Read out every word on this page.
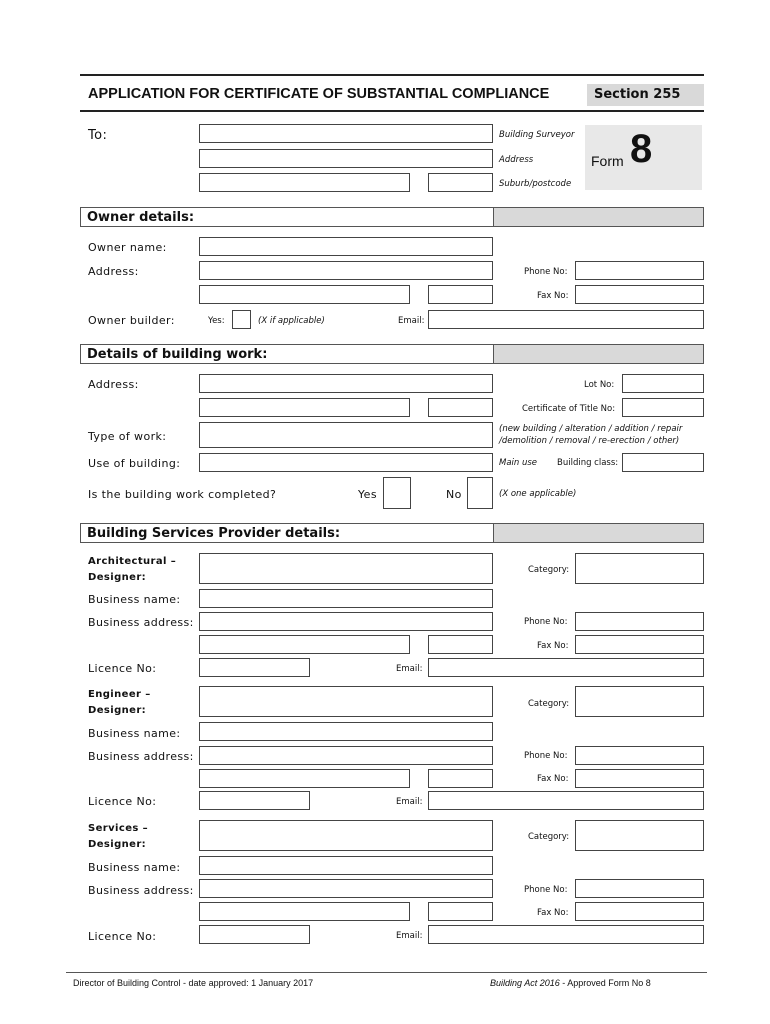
APPLICATION FOR CERTIFICATE OF SUBSTANTIAL COMPLIANCE	Section 255
To:	Building Surveyor
Address
Suburb/postcode
Form 8
Owner details:
Owner name:
Address:	Phone No:
Fax No:
Owner builder:	Yes:	(X if applicable)	Email:
Details of building work:
Address:	Lot No:
Certificate of Title No:
Type of work:
(new building / alteration / addition / repair
/demolition / removal / re-erection / other)
Use of building:	Main use Building class:
Is the building work completed?	Yes	No	(X one applicable)
Building Services Provider details:
Architectural –
Designer:
Category:
Business name:
Business address:	Phone No:
Fax No:
Licence No:	Email:
Engineer –
Designer:
Category:
Business name:
Business address:	Phone No:
Fax No:
Licence No:	Email:
Services –
Designer:
Category:
Business name:
Business address:	Phone No:
Fax No:
Licence No:	Email:
Director of Building Control - date approved: 1 January 2017	Building Act 2016 - Approved Form No 8
